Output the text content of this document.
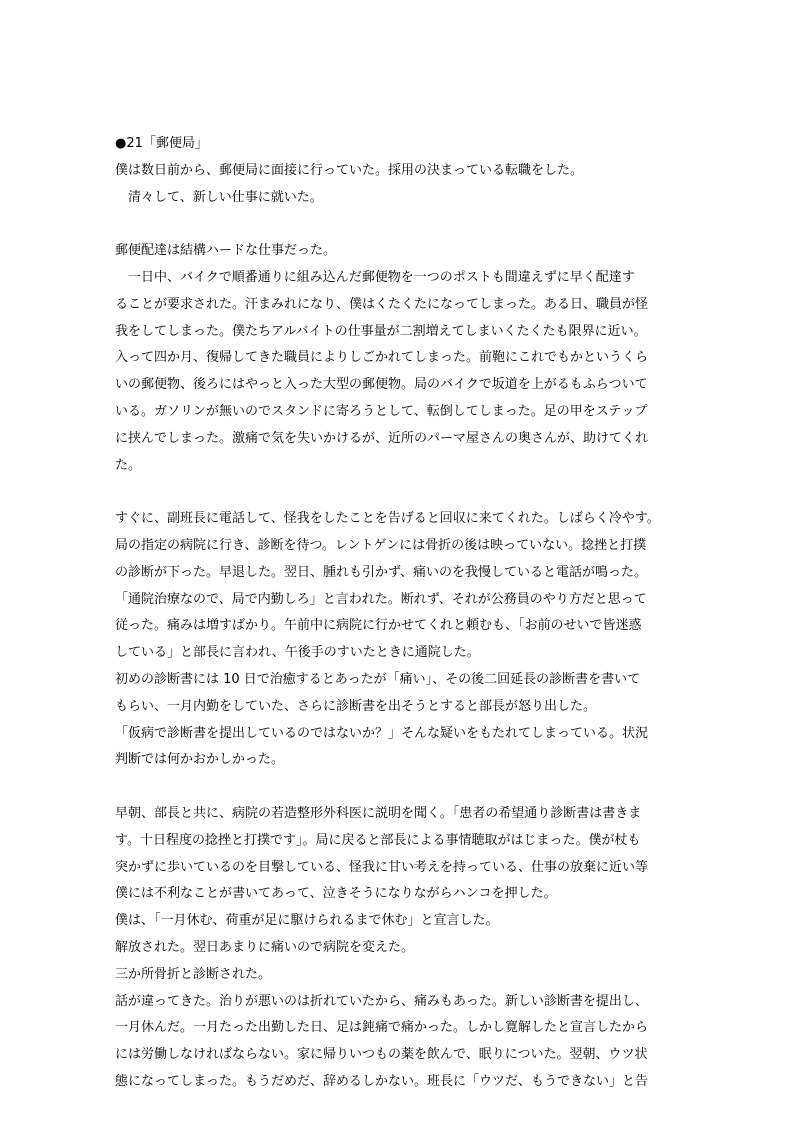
●21「郵便局」
僕は数日前から、郵便局に面接に行っていた。採用の決まっている転職をした。
　清々して、新しい仕事に就いた。
郵便配達は結構ハードな仕事だった。
　一日中、バイクで順番通りに組み込んだ郵便物を一つのポストも間違えずに早く配達す
ることが要求された。汗まみれになり、僕はくたくたになってしまった。ある日、職員が怪
我をしてしまった。僕たちアルバイトの仕事量が二割増えてしまいくたくたも限界に近い。
入って四か月、復帰してきた職員によりしごかれてしまった。前鞄にこれでもかというくら
いの郵便物、後ろにはやっと入った大型の郵便物。局のバイクで坂道を上がるもふらついて
いる。ガソリンが無いのでスタンドに寄ろうとして、転倒してしまった。足の甲をステップ
に挟んでしまった。激痛で気を失いかけるが、近所のパーマ屋さんの奥さんが、助けてくれ
た。
すぐに、副班長に電話して、怪我をしたことを告げると回収に来てくれた。しばらく冷やす。
局の指定の病院に行き、診断を待つ。レントゲンには骨折の後は映っていない。捻挫と打撲
の診断が下った。早退した。翌日、腫れも引かず、痛いのを我慢していると電話が鳴った。
「通院治療なので、局で内勤しろ」と言われた。断れず、それが公務員のやり方だと思って
従った。痛みは増すばかり。午前中に病院に行かせてくれと頼むも、「お前のせいで皆迷惑
している」と部長に言われ、午後手のすいたときに通院した。
初めの診断書には 10 日で治癒するとあったが「痛い」、その後二回延長の診断書を書いて
もらい、一月内勤をしていた、さらに診断書を出そうとすると部長が怒り出した。
「仮病で診断書を提出しているのではないか？」そんな疑いをもたれてしまっている。状況
判断では何かおかしかった。
早朝、部長と共に、病院の若造整形外科医に説明を聞く。「患者の希望通り診断書は書きま
す。十日程度の捻挫と打撲です」。局に戻ると部長による事情聴取がはじまった。僕が杖も
突かずに歩いているのを目撃している、怪我に甘い考えを持っている、仕事の放棄に近い等
僕には不利なことが書いてあって、泣きそうになりながらハンコを押した。
僕は、「一月休む、荷重が足に駆けられるまで休む」と宣言した。
解放された。翌日あまりに痛いので病院を変えた。
三か所骨折と診断された。
話が違ってきた。治りが悪いのは折れていたから、痛みもあった。新しい診断書を提出し、
一月休んだ。一月たった出勤した日、足は鈍痛で痛かった。しかし寛解したと宣言したから
には労働しなければならない。家に帰りいつもの薬を飲んで、眠りについた。翌朝、ウツ状
態になってしまった。もうだめだ、辞めるしかない。班長に「ウツだ、もうできない」と告
